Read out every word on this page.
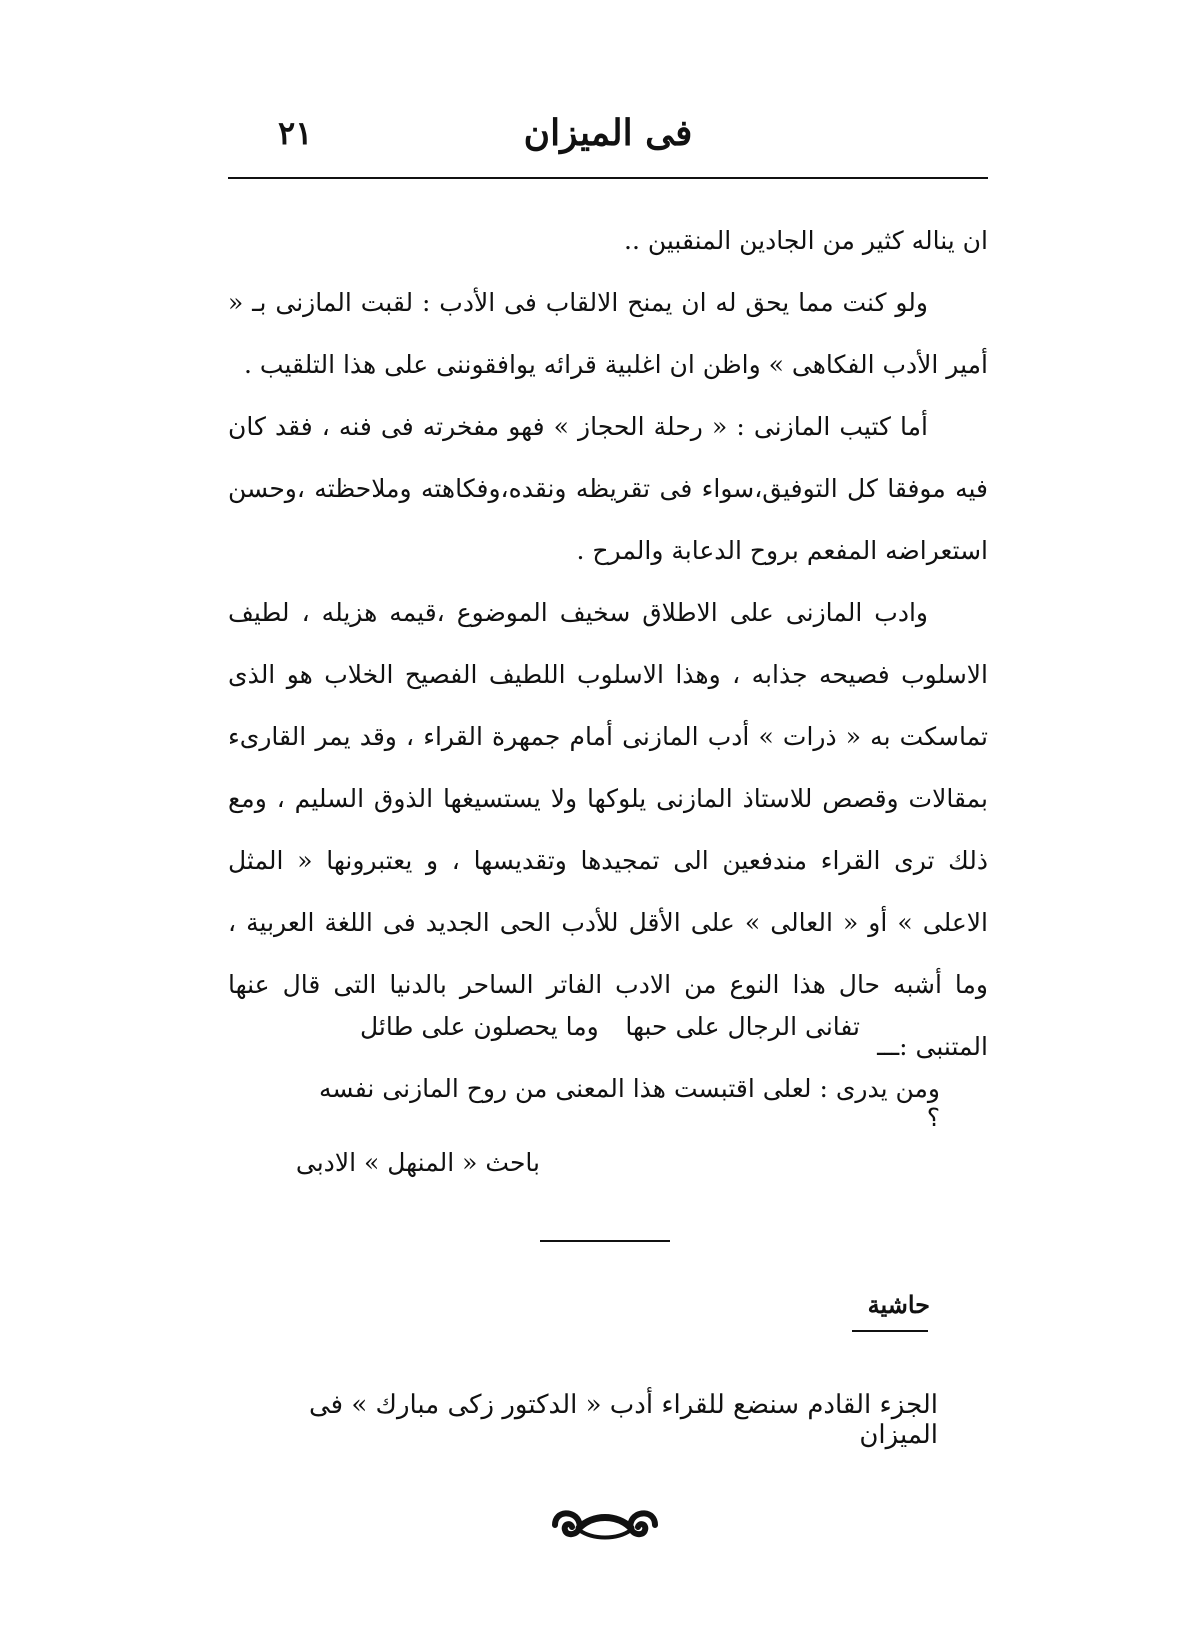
٢١	فى الميزان

ان يناله كثير من الجادين المنقبين ..

ولو كنت مما يحق له ان يمنح الالقاب فى الأدب : لقبت المازنى بـ « أمير الأدب الفكاهى » واظن ان اغلبية قرائه يوافقوننى على هذا التلقيب .

أما كتيب المازنى : « رحلة الحجاز » فهو مفخرته فى فنه ، فقد كان فيه موفقا كل التوفيق،سواء فى تقريظه ونقده،وفكاهته وملاحظته ،وحسن استعراضه المفعم بروح الدعابة والمرح .

وادب المازنى على الاطلاق سخيف الموضوع ،قيمه هزيله ، لطيف الاسلوب فصيحه جذابه ، وهذا الاسلوب اللطيف الفصيح الخلاب هو الذى تماسكت به « ذرات » أدب المازنى أمام جمهرة القراء ، وقد يمر القارىء بمقالات وقصص للاستاذ المازنى يلوكها ولا يستسيغها الذوق السليم ، ومع ذلك ترى القراء مندفعين الى تمجيدها وتقديسها ، و يعتبرونها « المثل الاعلى » أو « العالى » على الأقل للأدب الحى الجديد فى اللغة العربية ، وما أشبه حال هذا النوع من الادب الفاتر الساحر بالدنيا التى قال عنها المتنبى :ـــ

تفانى الرجال على حبها
وما يحصلون على طائل
ومن يدرى : لعلى اقتبست هذا المعنى من روح المازنى نفسه ؟
باحث « المنهل » الادبى
حاشية
الجزء القادم سنضع للقراء أدب « الدكتور زكى مبارك » فى الميزان
